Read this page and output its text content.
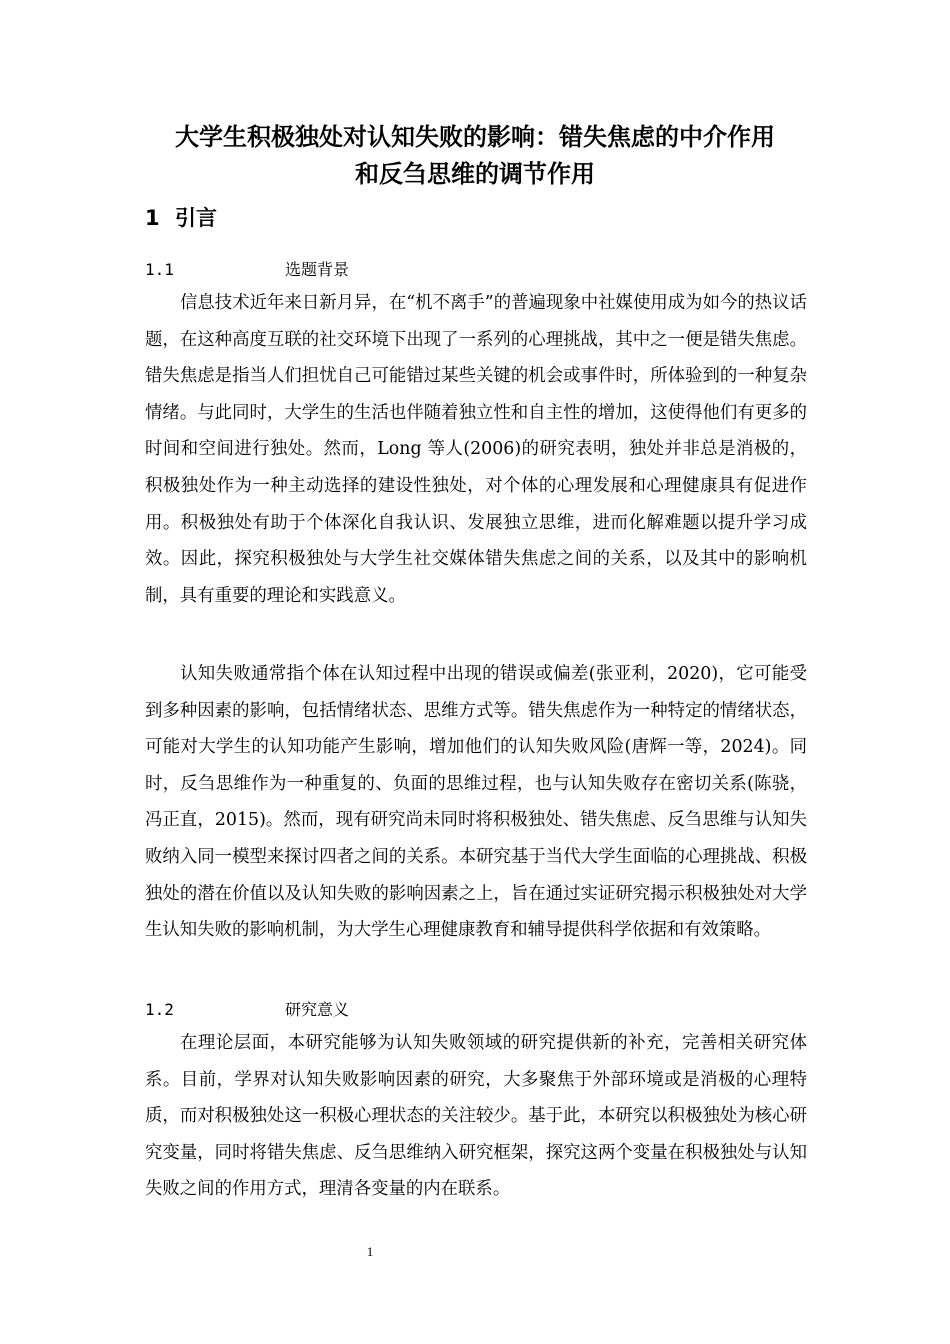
大学生积极独处对认知失败的影响：错失焦虑的中介作用
和反刍思维的调节作用
1 引言
1.1	选题背景

信息技术近年来日新月异，在“机不离手”的普遍现象中社媒使用成为如今的热议话题，在这种高度互联的社交环境下出现了一系列的心理挑战，其中之一便是错失焦虑。错失焦虑是指当人们担忧自己可能错过某些关键的机会或事件时，所体验到的一种复杂情绪。与此同时，大学生的生活也伴随着独立性和自主性的增加，这使得他们有更多的时间和空间进行独处。然而，Long 等人(2006)的研究表明，独处并非总是消极的，积极独处作为一种主动选择的建设性独处，对个体的心理发展和心理健康具有促进作用。积极独处有助于个体深化自我认识、发展独立思维，进而化解难题以提升学习成效。因此，探究积极独处与大学生社交媒体错失焦虑之间的关系，以及其中的影响机制，具有重要的理论和实践意义。

认知失败通常指个体在认知过程中出现的错误或偏差(张亚利，2020)，它可能受到多种因素的影响，包括情绪状态、思维方式等。错失焦虑作为一种特定的情绪状态，可能对大学生的认知功能产生影响，增加他们的认知失败风险(唐辉一等，2024)。同时，反刍思维作为一种重复的、负面的思维过程，也与认知失败存在密切关系(陈骁，冯正直，2015)。然而，现有研究尚未同时将积极独处、错失焦虑、反刍思维与认知失败纳入同一模型来探讨四者之间的关系。本研究基于当代大学生面临的心理挑战、积极独处的潜在价值以及认知失败的影响因素之上，旨在通过实证研究揭示积极独处对大学生认知失败的影响机制，为大学生心理健康教育和辅导提供科学依据和有效策略。

1.2	研究意义

在理论层面，本研究能够为认知失败领域的研究提供新的补充，完善相关研究体系。目前，学界对认知失败影响因素的研究，大多聚焦于外部环境或是消极的心理特质，而对积极独处这一积极心理状态的关注较少。基于此，本研究以积极独处为核心研究变量，同时将错失焦虑、反刍思维纳入研究框架，探究这两个变量在积极独处与认知失败之间的作用方式，理清各变量的内在联系。

1
